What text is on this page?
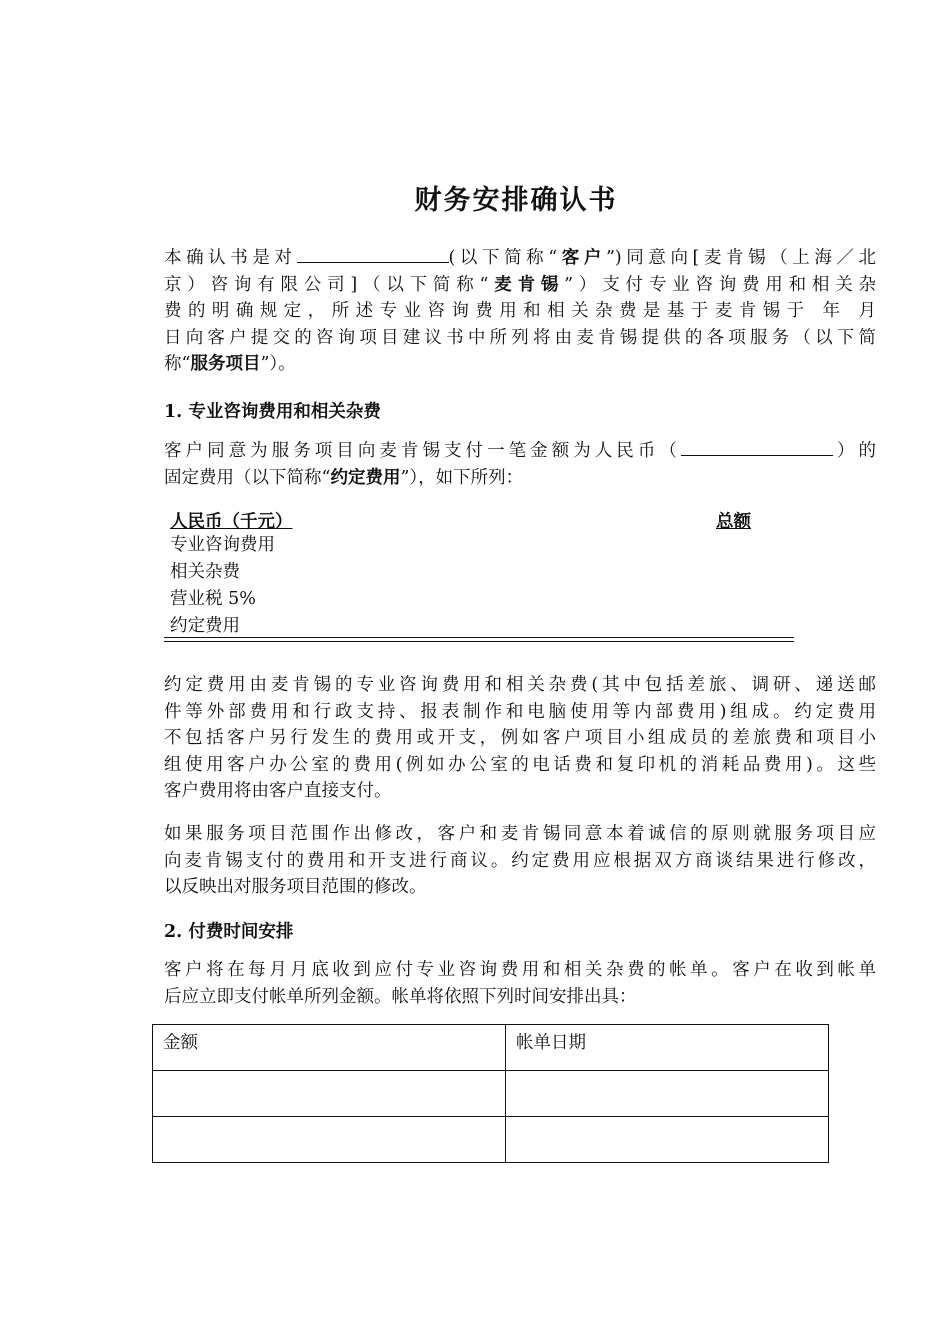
财务安排确认书

本确认书是对	(以下简称“客户”)同意向[麦肯锡（上海／北
京）咨询有限公司]（以下简称“麦肯锡”）支付专业咨询费用和相关杂
费的明确规定，所述专业咨询费用和相关杂费是基于麦肯锡于 年 月
日向客户提交的咨询项目建议书中所列将由麦肯锡提供的各项服务（以下简
称“服务项目”）。

1. 专业咨询费用和相关杂费

客户同意为服务项目向麦肯锡支付一笔金额为人民币（	）的
固定费用（以下简称“约定费用”），如下所列：

人民币（千元）	总额
专业咨询费用
相关杂费
营业税 5%
约定费用

约定费用由麦肯锡的专业咨询费用和相关杂费(其中包括差旅、调研、递送邮
件等外部费用和行政支持、报表制作和电脑使用等内部费用)组成。约定费用
不包括客户另行发生的费用或开支，例如客户项目小组成员的差旅费和项目小
组使用客户办公室的费用(例如办公室的电话费和复印机的消耗品费用)。这些
客户费用将由客户直接支付。

如果服务项目范围作出修改，客户和麦肯锡同意本着诚信的原则就服务项目应
向麦肯锡支付的费用和开支进行商议。约定费用应根据双方商谈结果进行修改，
以反映出对服务项目范围的修改。

2. 付费时间安排

客户将在每月月底收到应付专业咨询费用和相关杂费的帐单。客户在收到帐单
后应立即支付帐单所列金额。帐单将依照下列时间安排出具：

金额	帐单日期
